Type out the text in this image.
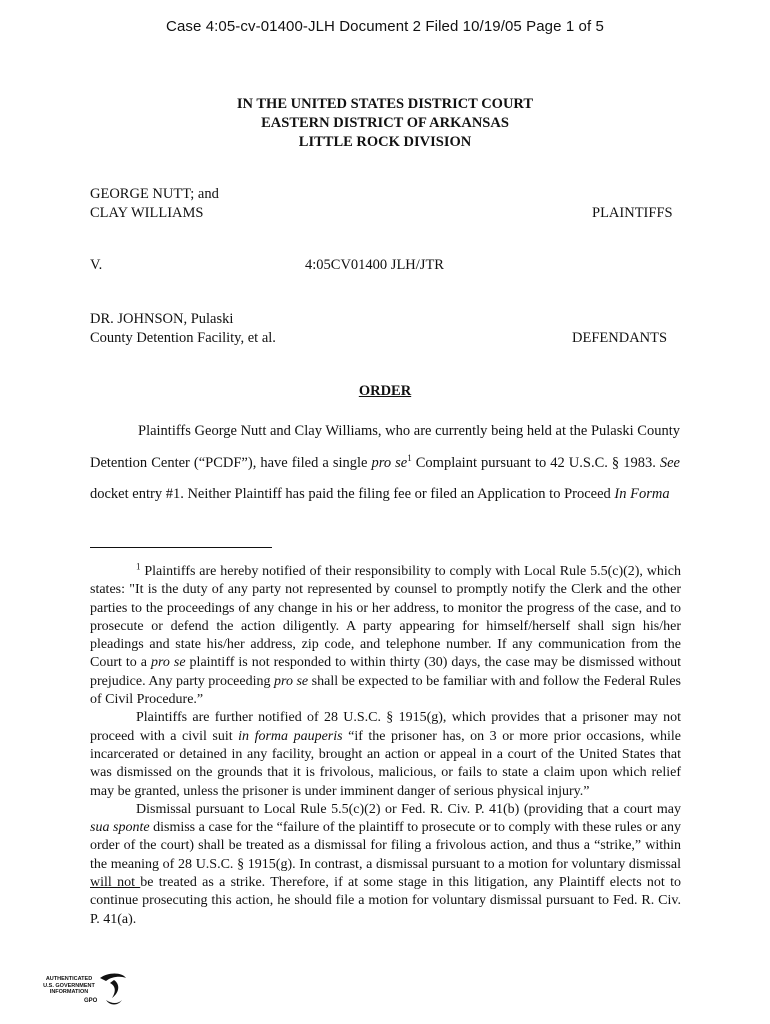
Case 4:05-cv-01400-JLH Document 2 Filed 10/19/05 Page 1 of 5
IN THE UNITED STATES DISTRICT COURT
EASTERN DISTRICT OF ARKANSAS
LITTLE ROCK DIVISION
GEORGE NUTT; and
CLAY WILLIAMS	PLAINTIFFS
V.	4:05CV01400 JLH/JTR
DR. JOHNSON, Pulaski
County Detention Facility, et al.	DEFENDANTS
ORDER

Plaintiffs George Nutt and Clay Williams, who are currently being held at the Pulaski County Detention Center (“PCDF”), have filed a single pro $se^1$ Complaint pursuant to 42 U.S.C. § 1983. See docket entry #1. Neither Plaintiff has paid the filing fee or filed an Application to Proceed In Forma

$^1$ Plaintiffs are hereby notified of their responsibility to comply with Local Rule 5.5(c)(2), which states: "It is the duty of any party not represented by counsel to promptly notify the Clerk and the other parties to the proceedings of any change in his or her address, to monitor the progress of the case, and to prosecute or defend the action diligently. A party appearing for himself/herself shall sign his/her pleadings and state his/her address, zip code, and telephone number. If any communication from the Court to a pro se plaintiff is not responded to within thirty (30) days, the case may be dismissed without prejudice. Any party proceeding pro se shall be expected to be familiar with and follow the Federal Rules of Civil Procedure.”

Plaintiffs are further notified of 28 U.S.C. § 1915(g), which provides that a prisoner may not proceed with a civil suit in forma pauperis “if the prisoner has, on 3 or more prior occasions, while incarcerated or detained in any facility, brought an action or appeal in a court of the United States that was dismissed on the grounds that it is frivolous, malicious, or fails to state a claim upon which relief may be granted, unless the prisoner is under imminent danger of serious physical injury.”

Dismissal pursuant to Local Rule 5.5(c)(2) or Fed. R. Civ. P. 41(b) (providing that a court may sua sponte dismiss a case for the “failure of the plaintiff to prosecute or to comply with these rules or any order of the court) shall be treated as a dismissal for filing a frivolous action, and thus a “strike,” within the meaning of 28 U.S.C. § 1915(g). In contrast, a dismissal pursuant to a motion for voluntary dismissal will not be treated as a strike. Therefore, if at some stage in this litigation, any Plaintiff elects not to continue prosecuting this action, he should file a motion for voluntary dismissal pursuant to Fed. R. Civ. P. 41(a).

AUTHENTICATED
U.S. GOVERNMENT
INFORMATION
GPO
